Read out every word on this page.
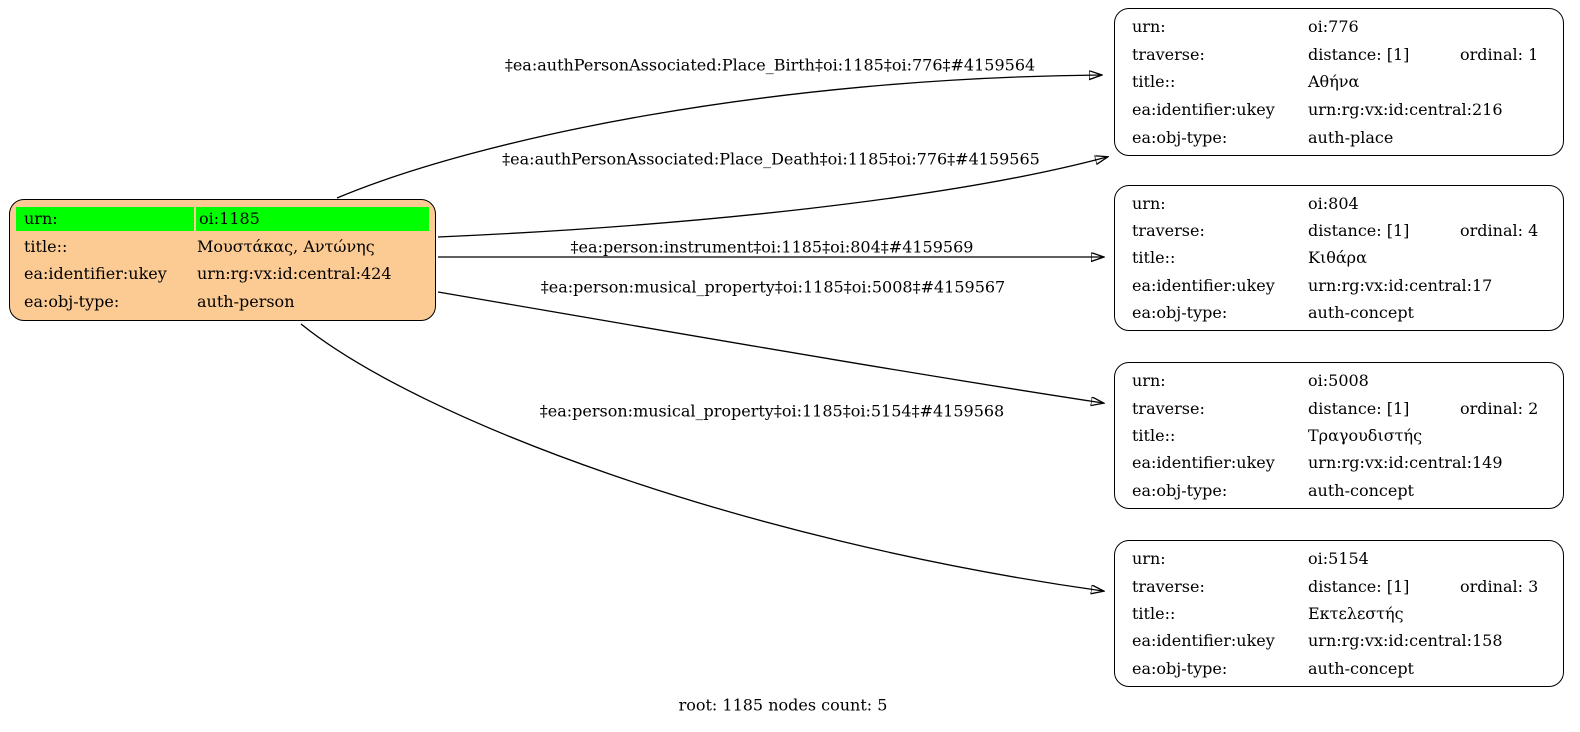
urn:	oi:1185
title::	Μουστάκας, Αντώνης
ea:identifier:ukey	urn:rg:vx:id:central:424
ea:obj-type:	auth-person
urn:	oi:776
traverse:	distance: [1]	ordinal: 1
title::	Αθήνα
ea:identifier:ukey	urn:rg:vx:id:central:216
ea:obj-type:	auth-place
urn:	oi:804
traverse:	distance: [1]	ordinal: 4
title::	Κιθάρα
ea:identifier:ukey	urn:rg:vx:id:central:17
ea:obj-type:	auth-concept
urn:	oi:5008
traverse:	distance: [1]	ordinal: 2
title::	Τραγουδιστής
ea:identifier:ukey	urn:rg:vx:id:central:149
ea:obj-type:	auth-concept
urn:	oi:5154
traverse:	distance: [1]	ordinal: 3
title::	Εκτελεστής
ea:identifier:ukey	urn:rg:vx:id:central:158
ea:obj-type:	auth-concept
‡ea:authPersonAssociated:Place_Birth‡oi:1185‡oi:776‡#4159564
‡ea:authPersonAssociated:Place_Death‡oi:1185‡oi:776‡#4159565
‡ea:person:instrument‡oi:1185‡oi:804‡#4159569
‡ea:person:musical_property‡oi:1185‡oi:5008‡#4159567
‡ea:person:musical_property‡oi:1185‡oi:5154‡#4159568
root: 1185 nodes count: 5
